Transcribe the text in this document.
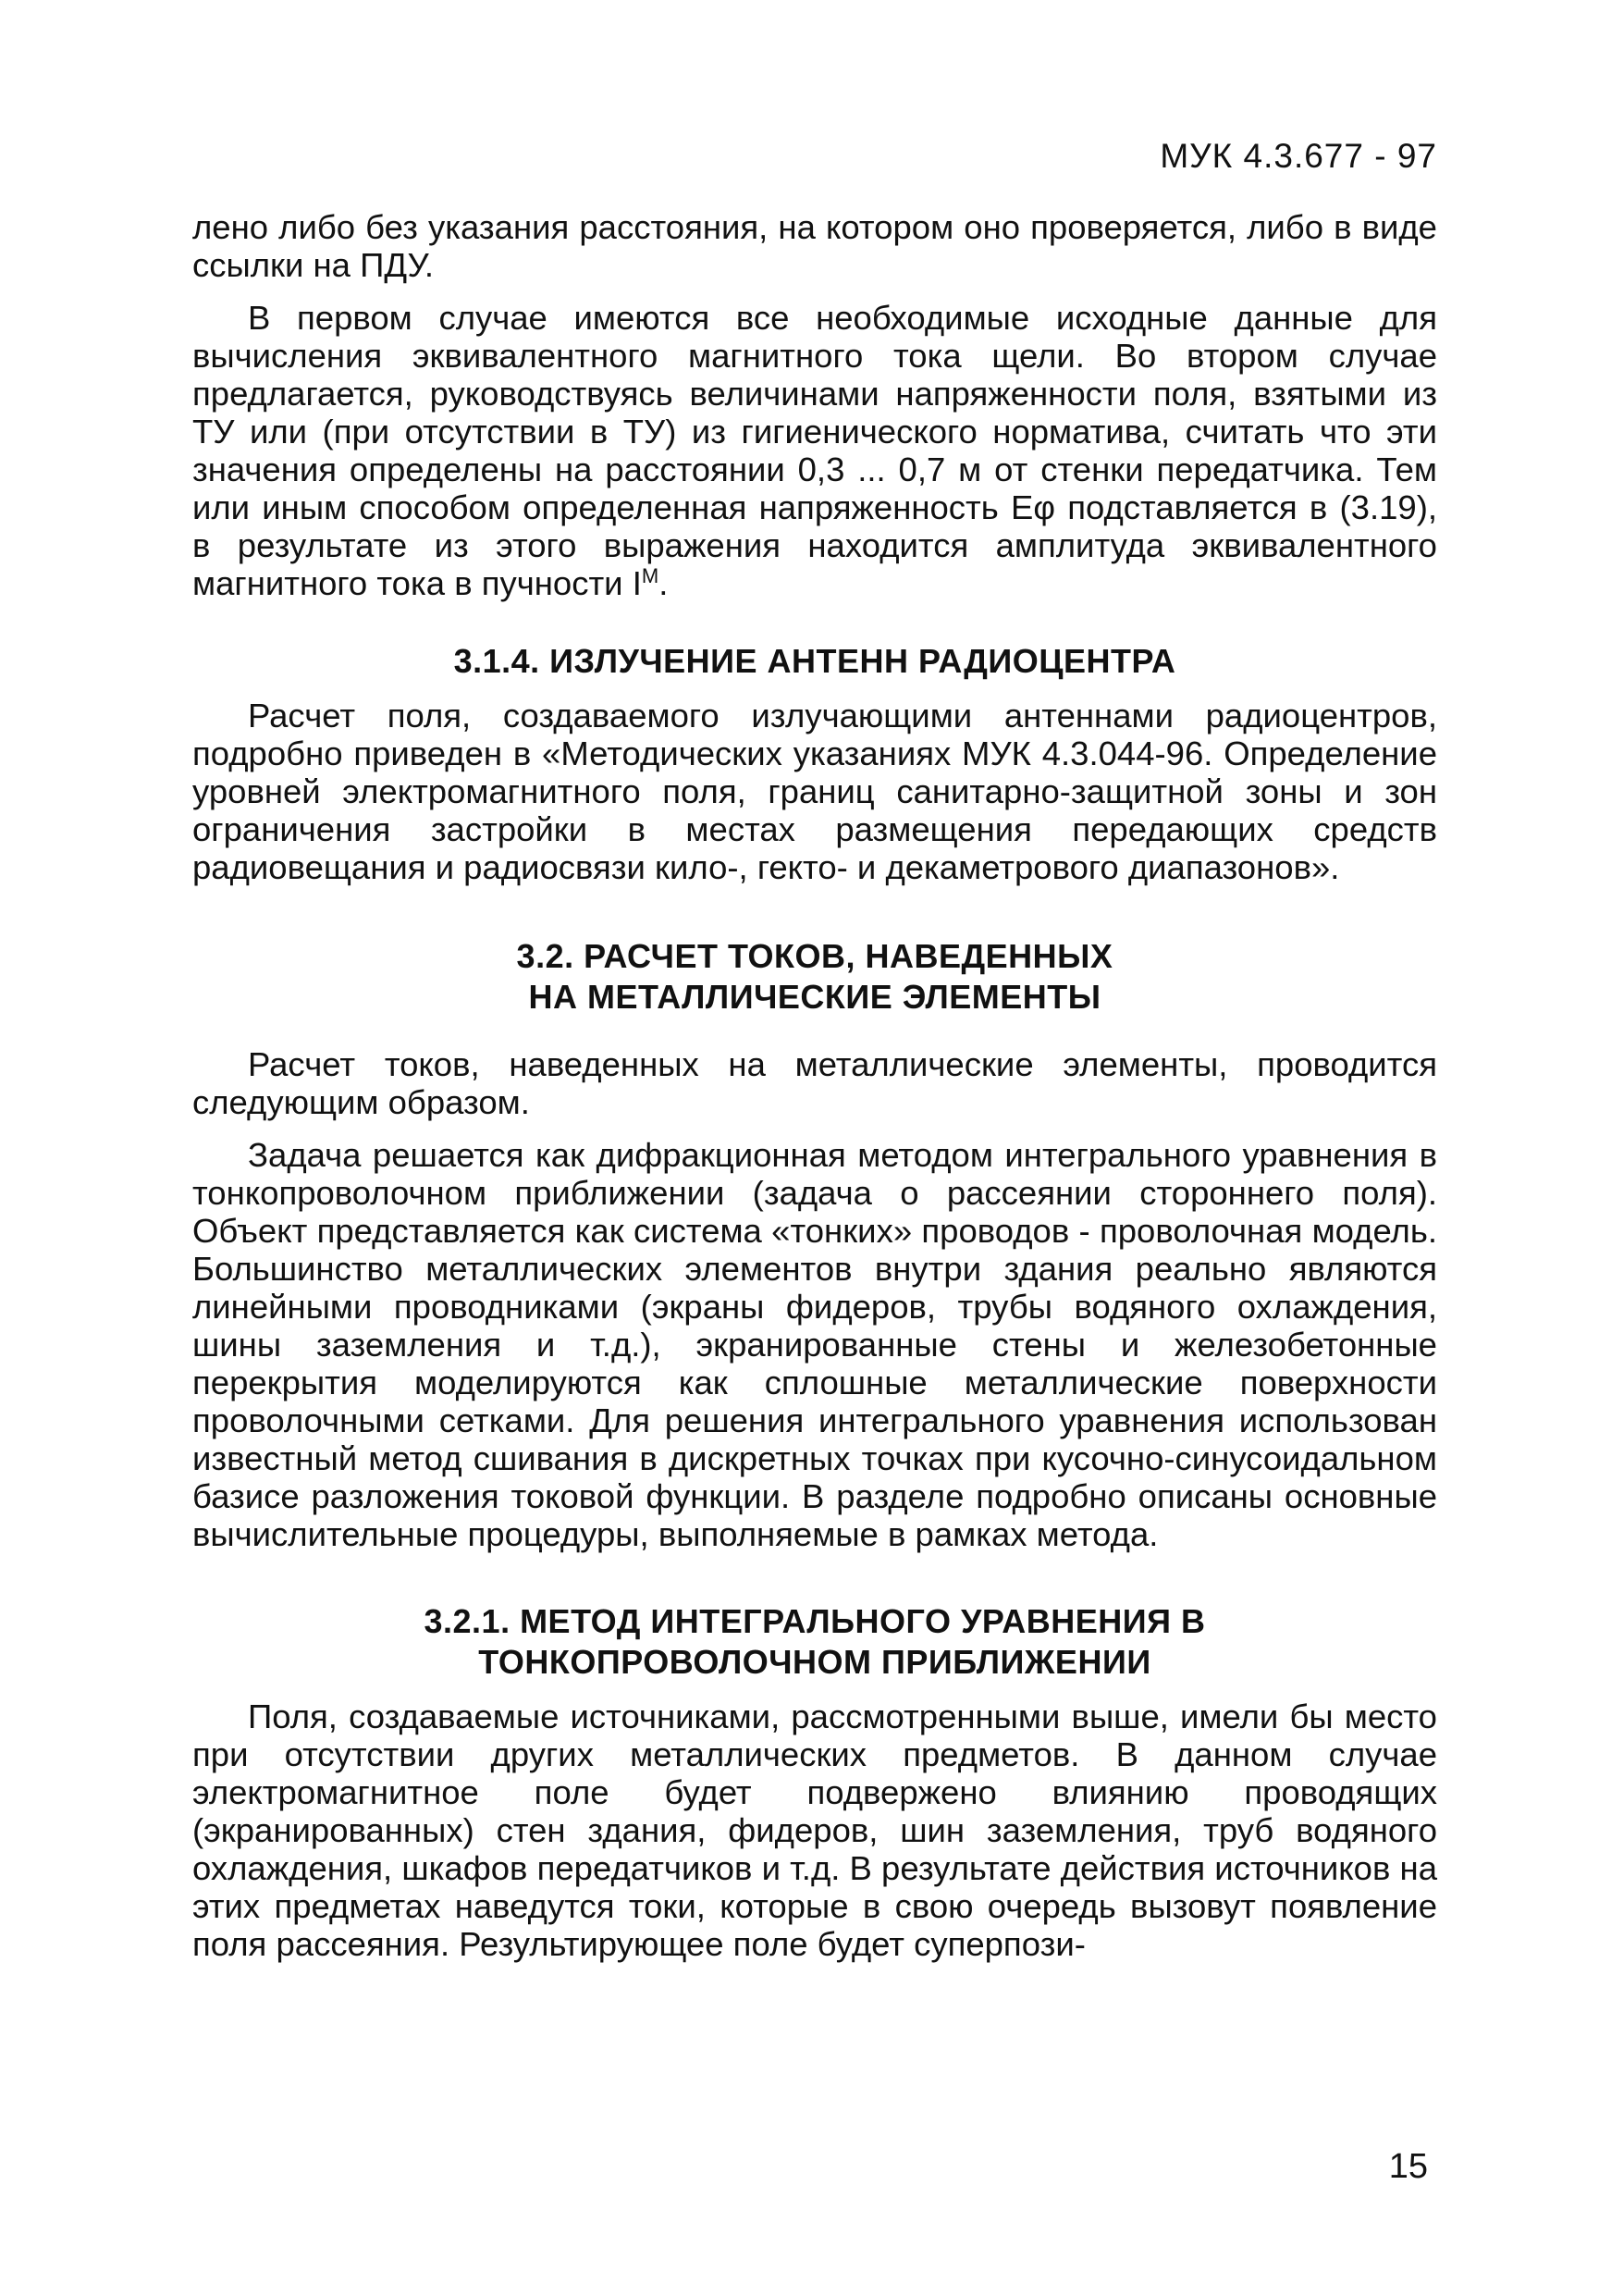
МУК 4.3.677 - 97

лено либо без указания расстояния, на котором оно проверяется, либо в виде ссылки на ПДУ.

В первом случае имеются все необходимые исходные данные для вычисления эквивалентного магнитного тока щели. Во втором случае предлагается, руководствуясь величинами напряженности поля, взятыми из ТУ или (при отсутствии в ТУ) из гигиенического норматива, считать что эти значения определены на расстоянии 0,3 ... 0,7 м от стенки передатчика. Тем или иным способом определенная напряженность Eφ подставляется в (3.19), в результате из этого выражения находится амплитуда эквивалентного магнитного тока в пучности $I^М$.

3.1.4. ИЗЛУЧЕНИЕ АНТЕНН РАДИОЦЕНТРА

Расчет поля, создаваемого излучающими антеннами радиоцентров, подробно приведен в «Методических указаниях МУК 4.3.044-96. Определение уровней электромагнитного поля, границ санитарно-защитной зоны и зон ограничения застройки в местах размещения передающих средств радиовещания и радиосвязи кило-, гекто- и декаметрового диапазонов».

3.2. РАСЧЕТ ТОКОВ, НАВЕДЕННЫХ
НА МЕТАЛЛИЧЕСКИЕ ЭЛЕМЕНТЫ

Расчет токов, наведенных на металлические элементы, проводится следующим образом.

Задача решается как дифракционная методом интегрального уравнения в тонкопроволочном приближении (задача о рассеянии стороннего поля). Объект представляется как система «тонких» проводов - проволочная модель. Большинство металлических элементов внутри здания реально являются линейными проводниками (экраны фидеров, трубы водяного охлаждения, шины заземления и т.д.), экранированные стены и железобетонные перекрытия моделируются как сплошные металлические поверхности проволочными сетками. Для решения интегрального уравнения использован известный метод сшивания в дискретных точках при кусочно-синусоидальном базисе разложения токовой функции. В разделе подробно описаны основные вычислительные процедуры, выполняемые в рамках метода.

3.2.1. МЕТОД ИНТЕГРАЛЬНОГО УРАВНЕНИЯ В
ТОНКОПРОВОЛОЧНОМ ПРИБЛИЖЕНИИ

Поля, создаваемые источниками, рассмотренными выше, имели бы место при отсутствии других металлических предметов. В данном случае электромагнитное поле будет подвержено влиянию проводящих (экранированных) стен здания, фидеров, шин заземления, труб водяного охлаждения, шкафов передатчиков и т.д. В результате действия источников на этих предметах наведутся токи, которые в свою очередь вызовут появление поля рассеяния. Результирующее поле будет суперпози-

15
